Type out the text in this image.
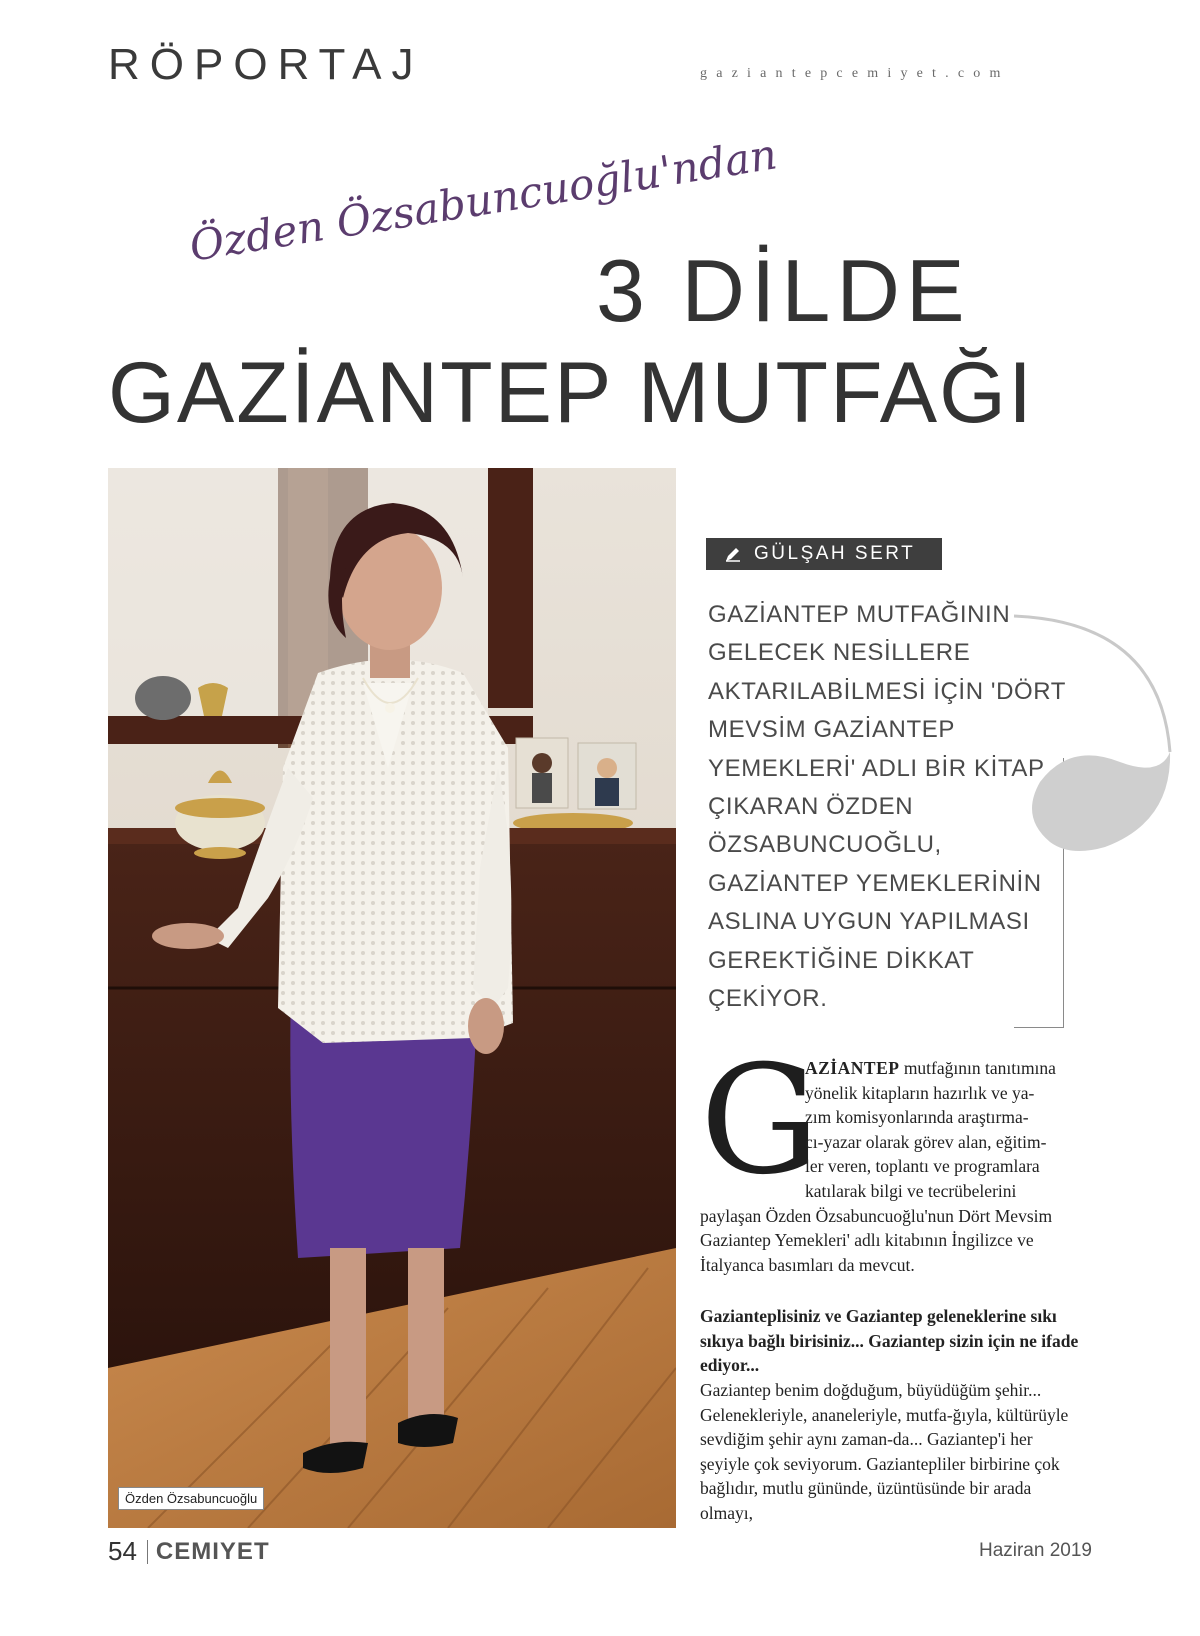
RÖPORTAJ	gaziantepcemiyet.com
Özden Özsabuncuoğlu'ndan
3 DİLDE
GAZİANTEP MUTFAĞI
Özden Özsabuncuoğlu
GÜLŞAH SERT
GAZİANTEP MUTFAĞININ GELECEK NESİLLERE AKTARILABİLMESİ İÇİN 'DÖRT MEVSİM GAZİANTEP YEMEKLERİ' ADLI BİR KİTAP ÇIKARAN ÖZDEN ÖZSABUNCUOĞLU, GAZİANTEP YEMEKLERİNİN ASLINA UYGUN YAPILMASI GEREKTİĞİNE DİKKAT ÇEKİYOR.
G
AZİANTEP mutfağının tanıtımına
yönelik kitapların hazırlık ve ya-
zım komisyonlarında araştırma-
cı-yazar olarak görev alan, eğitim-
ler veren, toplantı ve programlara
katılarak bilgi ve tecrübelerini
paylaşan Özden Özsabuncuoğlu'nun Dört Mevsim Gaziantep Yemekleri' adlı kitabının İngilizce ve İtalyanca basımları da mevcut.
Gazianteplisiniz ve Gaziantep geleneklerine sıkı sıkıya bağlı birisiniz... Gaziantep sizin için ne ifade ediyor...
Gaziantep benim doğduğum, büyüdüğüm şehir... Gelenekleriyle, ananeleriyle, mutfa-ğıyla, kültürüyle sevdiğim şehir aynı zaman-da... Gaziantep'i her şeyiyle çok seviyorum. Gaziantepliler birbirine çok bağlıdır, mutlu gününde, üzüntüsünde bir arada olmayı,
54 CEMIYET	Haziran 2019
